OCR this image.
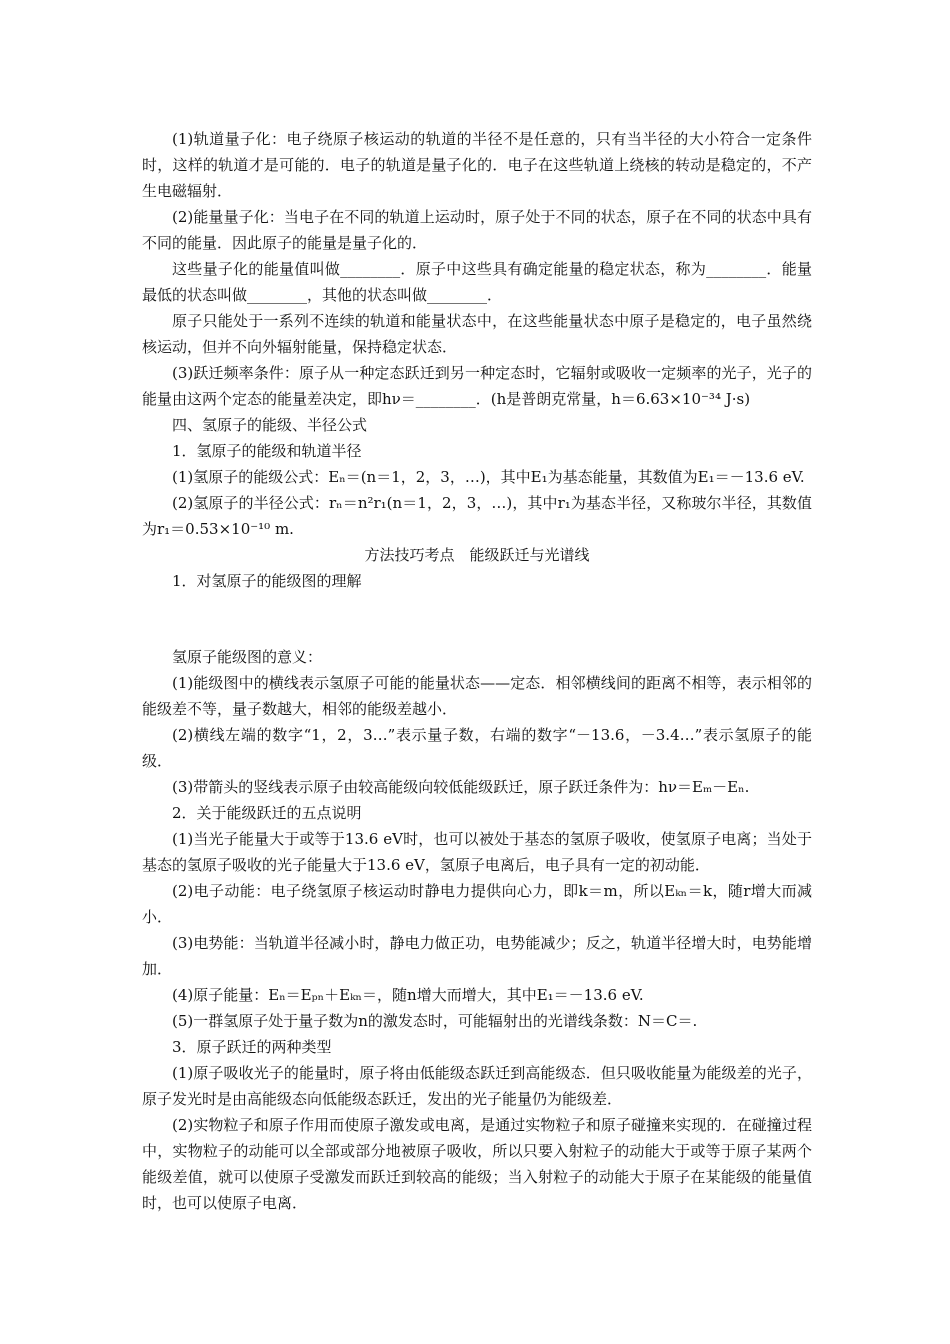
(1)轨道量子化：电子绕原子核运动的轨道的半径不是任意的，只有当半径的大小符合一定条件时，这样的轨道才是可能的．电子的轨道是量子化的．电子在这些轨道上绕核的转动是稳定的，不产生电磁辐射．

(2)能量量子化：当电子在不同的轨道上运动时，原子处于不同的状态，原子在不同的状态中具有不同的能量．因此原子的能量是量子化的．

这些量子化的能量值叫做________．原子中这些具有确定能量的稳定状态，称为________．能量最低的状态叫做________，其他的状态叫做________．

原子只能处于一系列不连续的轨道和能量状态中，在这些能量状态中原子是稳定的，电子虽然绕核运动，但并不向外辐射能量，保持稳定状态．

(3)跃迁频率条件：原子从一种定态跃迁到另一种定态时，它辐射或吸收一定频率的光子，光子的能量由这两个定态的能量差决定，即hν＝________．(h是普朗克常量，h＝6.63×10⁻³⁴ J·s)

四、氢原子的能级、半径公式

1．氢原子的能级和轨道半径

(1)氢原子的能级公式：Eₙ＝(n＝1，2，3，…)，其中E₁为基态能量，其数值为E₁＝－13.6 eV.

(2)氢原子的半径公式：rₙ＝n²r₁(n＝1，2，3，…)，其中r₁为基态半径，又称玻尔半径，其数值为r₁＝0.53×10⁻¹⁰ m.

方法技巧考点　能级跃迁与光谱线

1．对氢原子的能级图的理解

氢原子能级图的意义：

(1)能级图中的横线表示氢原子可能的能量状态——定态．相邻横线间的距离不相等，表示相邻的能级差不等，量子数越大，相邻的能级差越小．

(2)横线左端的数字“1，2，3…”表示量子数，右端的数字“－13.6，－3.4…”表示氢原子的能级．

(3)带箭头的竖线表示原子由较高能级向较低能级跃迁，原子跃迁条件为：hν＝Eₘ－Eₙ.

2．关于能级跃迁的五点说明

(1)当光子能量大于或等于13.6 eV时，也可以被处于基态的氢原子吸收，使氢原子电离；当处于基态的氢原子吸收的光子能量大于13.6 eV，氢原子电离后，电子具有一定的初动能．

(2)电子动能：电子绕氢原子核运动时静电力提供向心力，即k＝m，所以Eₖₙ＝k，随r增大而减小．

(3)电势能：当轨道半径减小时，静电力做正功，电势能减少；反之，轨道半径增大时，电势能增加．

(4)原子能量：Eₙ＝Eₚₙ＋Eₖₙ＝，随n增大而增大，其中E₁＝－13.6 eV.

(5)一群氢原子处于量子数为n的激发态时，可能辐射出的光谱线条数：N＝C＝.

3．原子跃迁的两种类型

(1)原子吸收光子的能量时，原子将由低能级态跃迁到高能级态．但只吸收能量为能级差的光子，原子发光时是由高能级态向低能级态跃迁，发出的光子能量仍为能级差．

(2)实物粒子和原子作用而使原子激发或电离，是通过实物粒子和原子碰撞来实现的．在碰撞过程中，实物粒子的动能可以全部或部分地被原子吸收，所以只要入射粒子的动能大于或等于原子某两个能级差值，就可以使原子受激发而跃迁到较高的能级；当入射粒子的动能大于原子在某能级的能量值时，也可以使原子电离．
